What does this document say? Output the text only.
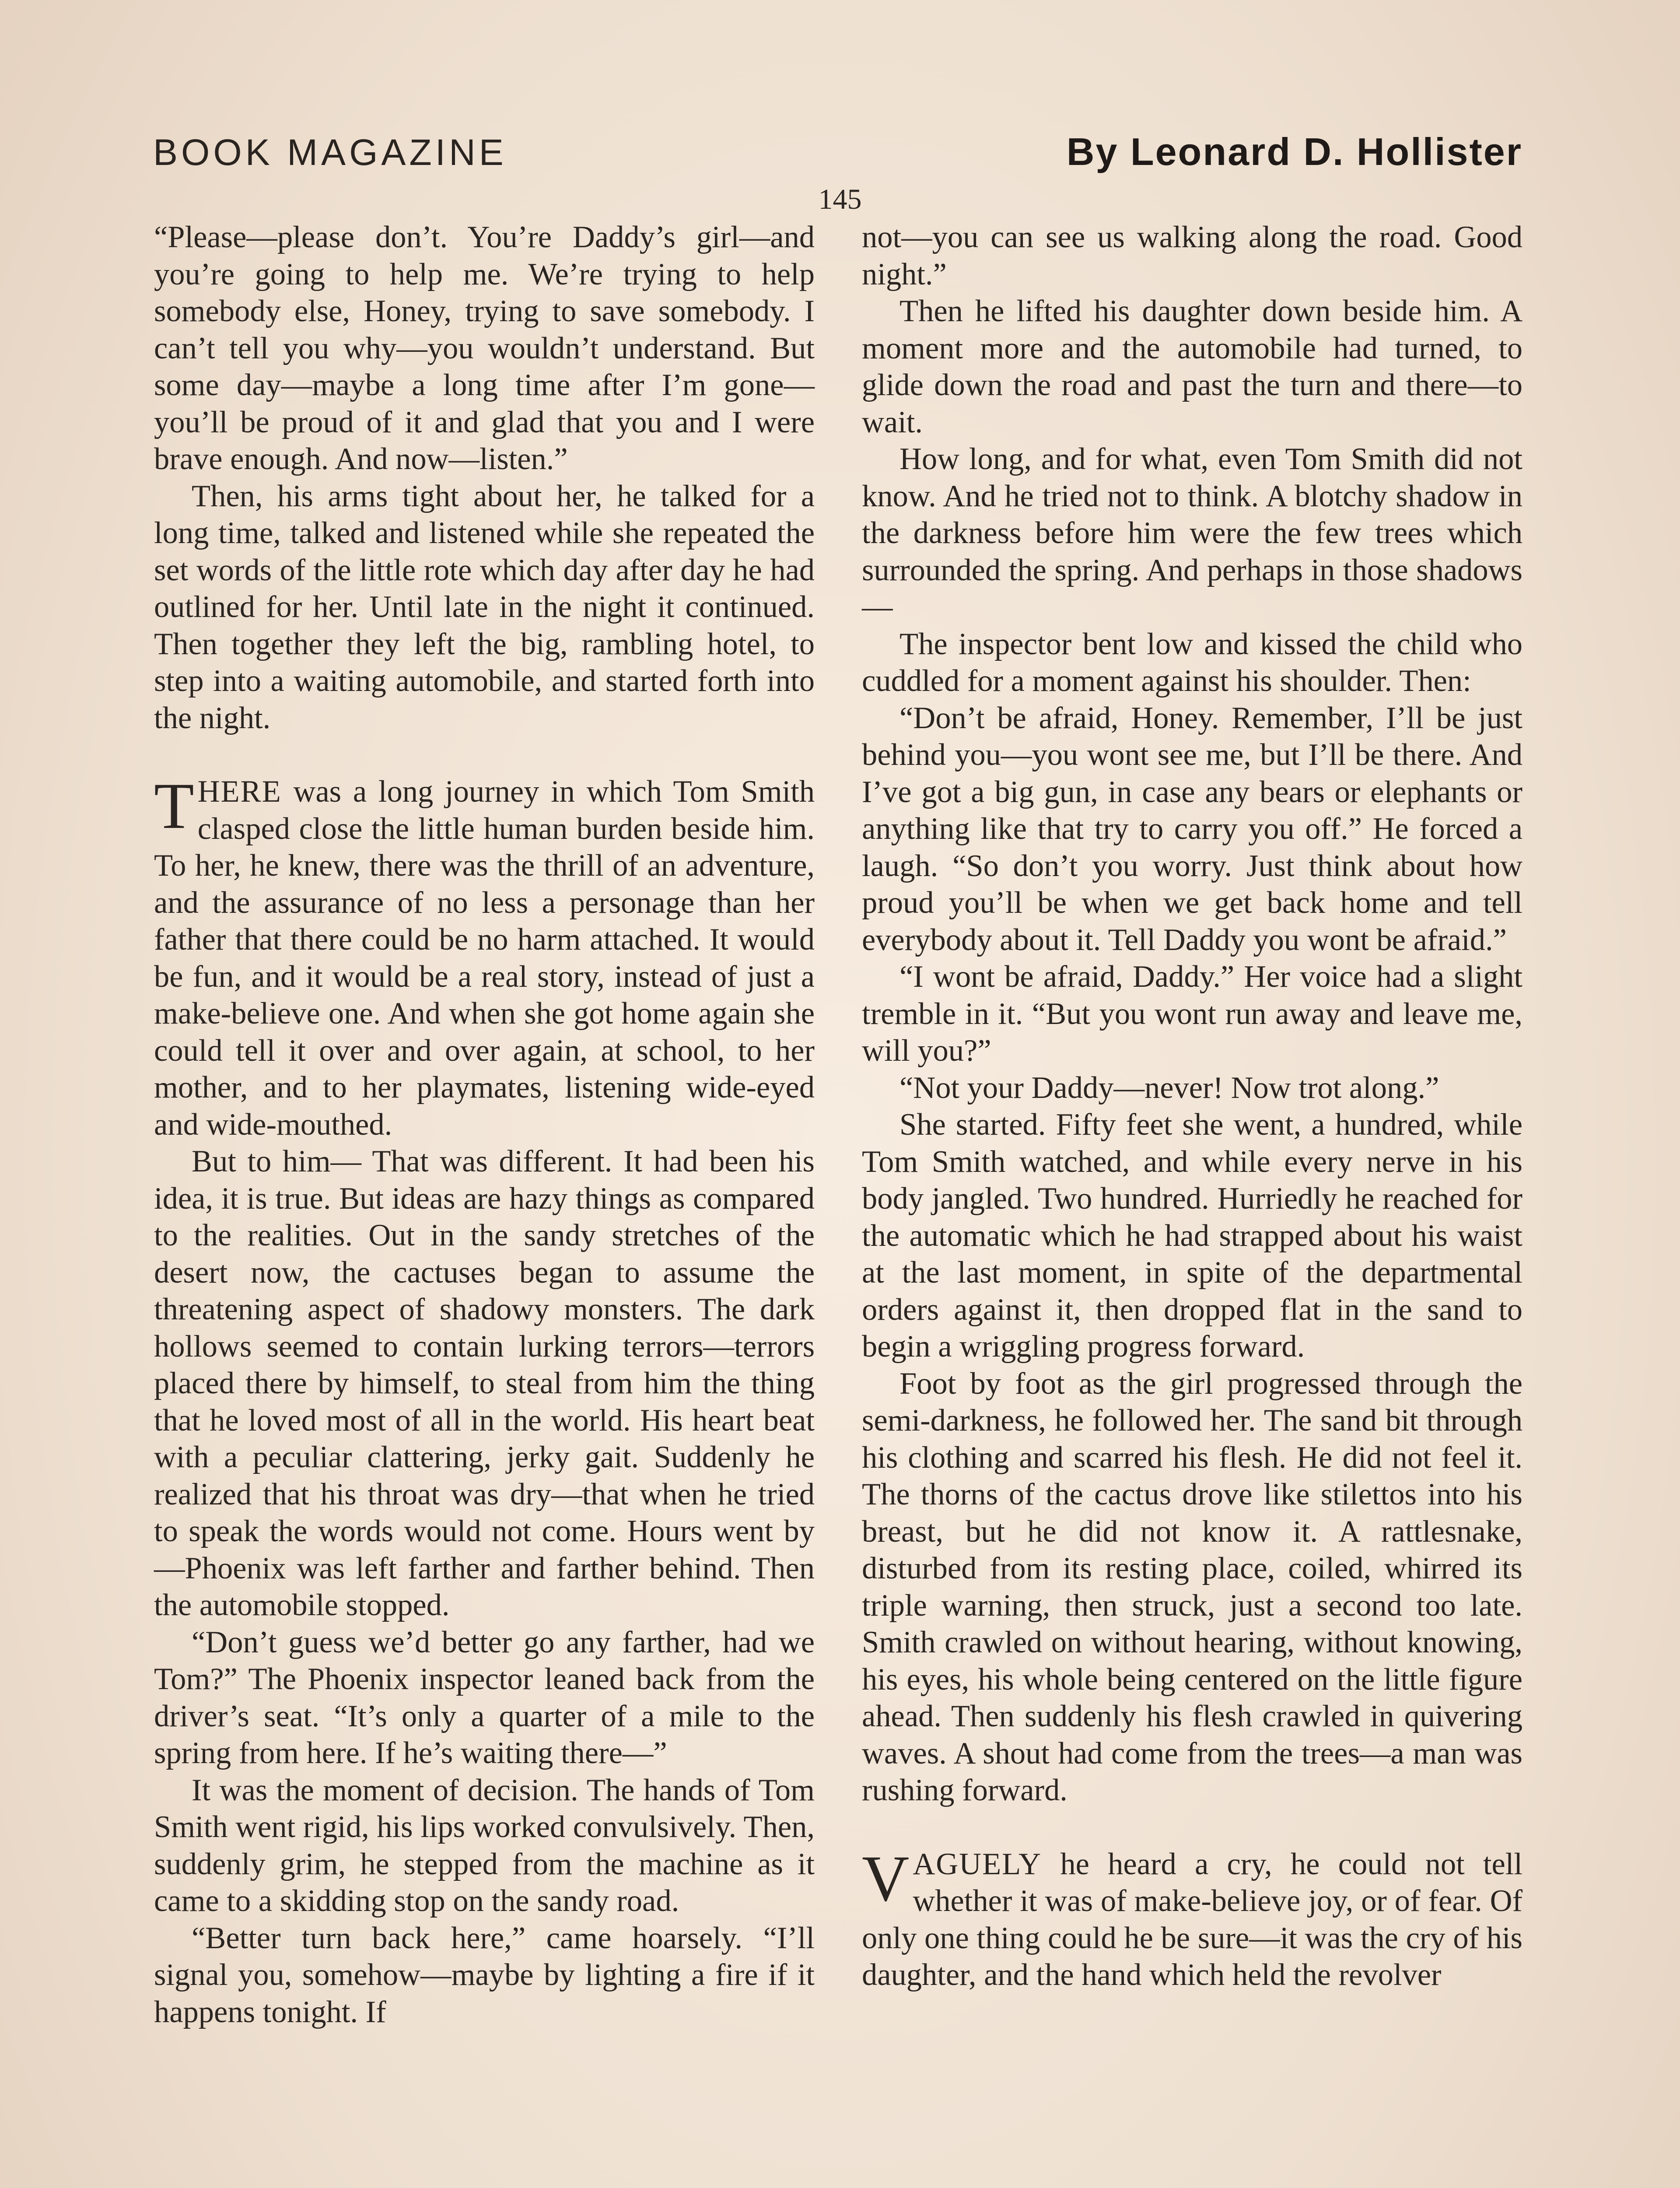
BOOK MAGAZINE	By Leonard D. Hollister
145

“Please—please don’t. You’re Daddy’s girl—and you’re going to help me. We’re trying to help somebody else, Honey, trying to save somebody. I can’t tell you why—you wouldn’t understand. But some day—maybe a long time after I’m gone—you’ll be proud of it and glad that you and I were brave enough. And now—listen.”

Then, his arms tight about her, he talked for a long time, talked and listened while she repeated the set words of the little rote which day after day he had outlined for her. Until late in the night it continued. Then together they left the big, rambling hotel, to step into a waiting automobile, and started forth into the night.

THERE was a long journey in which Tom Smith clasped close the little human burden beside him. To her, he knew, there was the thrill of an adventure, and the assurance of no less a personage than her father that there could be no harm attached. It would be fun, and it would be a real story, instead of just a make-believe one. And when she got home again she could tell it over and over again, at school, to her mother, and to her playmates, listening wide-eyed and wide-mouthed.

But to him— That was different. It had been his idea, it is true. But ideas are hazy things as compared to the realities. Out in the sandy stretches of the desert now, the cactuses began to assume the threatening aspect of shadowy monsters. The dark hollows seemed to contain lurking terrors—terrors placed there by himself, to steal from him the thing that he loved most of all in the world. His heart beat with a peculiar clattering, jerky gait. Suddenly he realized that his throat was dry—that when he tried to speak the words would not come. Hours went by—Phoenix was left farther and farther behind. Then the automobile stopped.

“Don’t guess we’d better go any farther, had we Tom?” The Phoenix inspector leaned back from the driver’s seat. “It’s only a quarter of a mile to the spring from here. If he’s waiting there—”

It was the moment of decision. The hands of Tom Smith went rigid, his lips worked convulsively. Then, suddenly grim, he stepped from the machine as it came to a skidding stop on the sandy road.

“Better turn back here,” came hoarsely. “I’ll signal you, somehow—maybe by lighting a fire if it happens tonight. If

not—you can see us walking along the road. Good night.”

Then he lifted his daughter down beside him. A moment more and the automobile had turned, to glide down the road and past the turn and there—to wait.

How long, and for what, even Tom Smith did not know. And he tried not to think. A blotchy shadow in the darkness before him were the few trees which surrounded the spring. And perhaps in those shadows—

The inspector bent low and kissed the child who cuddled for a moment against his shoulder. Then:

“Don’t be afraid, Honey. Remember, I’ll be just behind you—you wont see me, but I’ll be there. And I’ve got a big gun, in case any bears or elephants or anything like that try to carry you off.” He forced a laugh. “So don’t you worry. Just think about how proud you’ll be when we get back home and tell everybody about it. Tell Daddy you wont be afraid.”

“I wont be afraid, Daddy.” Her voice had a slight tremble in it. “But you wont run away and leave me, will you?”

“Not your Daddy—never! Now trot along.”

She started. Fifty feet she went, a hundred, while Tom Smith watched, and while every nerve in his body jangled. Two hundred. Hurriedly he reached for the automatic which he had strapped about his waist at the last moment, in spite of the departmental orders against it, then dropped flat in the sand to begin a wriggling progress forward.

Foot by foot as the girl progressed through the semi-darkness, he followed her. The sand bit through his clothing and scarred his flesh. He did not feel it. The thorns of the cactus drove like stilettos into his breast, but he did not know it. A rattlesnake, disturbed from its resting place, coiled, whirred its triple warning, then struck, just a second too late. Smith crawled on without hearing, without knowing, his eyes, his whole being centered on the little figure ahead. Then suddenly his flesh crawled in quivering waves. A shout had come from the trees—a man was rushing forward.

VAGUELY he heard a cry, he could not tell whether it was of make-believe joy, or of fear. Of only one thing could he be sure—it was the cry of his daughter, and the hand which held the revolver
